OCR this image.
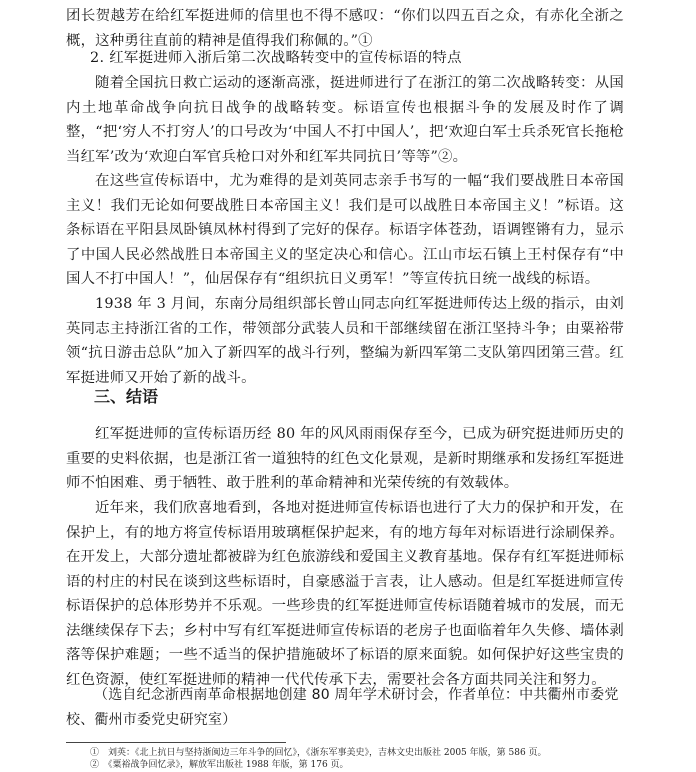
团长贺越芳在给红军挺进师的信里也不得不感叹：“你们以四五百之众，有赤化全浙之概，这种勇往直前的精神是值得我们称佩的。”①

2. 红军挺进师入浙后第二次战略转变中的宣传标语的特点

随着全国抗日救亡运动的逐渐高涨，挺进师进行了在浙江的第二次战略转变：从国内土地革命战争向抗日战争的战略转变。标语宣传也根据斗争的发展及时作了调整，“把‘穷人不打穷人’的口号改为‘中国人不打中国人’，把‘欢迎白军士兵杀死官长拖枪当红军’改为‘欢迎白军官兵枪口对外和红军共同抗日’等等”②。

在这些宣传标语中，尤为难得的是刘英同志亲手书写的一幅“我们要战胜日本帝国主义！我们无论如何要战胜日本帝国主义！我们是可以战胜日本帝国主义！”标语。这条标语在平阳县凤卧镇凤林村得到了完好的保存。标语字体苍劲，语调铿锵有力，显示了中国人民必然战胜日本帝国主义的坚定决心和信心。江山市坛石镇上王村保存有“中国人不打中国人！”，仙居保存有“组织抗日义勇军！”等宣传抗日统一战线的标语。

1938 年 3 月间，东南分局组织部长曾山同志向红军挺进师传达上级的指示，由刘英同志主持浙江省的工作，带领部分武装人员和干部继续留在浙江坚持斗争；由粟裕带领“抗日游击总队”加入了新四军的战斗行列，整编为新四军第二支队第四团第三营。红军挺进师又开始了新的战斗。

三、结语

红军挺进师的宣传标语历经 80 年的风风雨雨保存至今，已成为研究挺进师历史的重要的史料依据，也是浙江省一道独特的红色文化景观，是新时期继承和发扬红军挺进师不怕困难、勇于牺牲、敢于胜利的革命精神和光荣传统的有效载体。

近年来，我们欣喜地看到，各地对挺进师宣传标语也进行了大力的保护和开发，在保护上，有的地方将宣传标语用玻璃框保护起来，有的地方每年对标语进行涂刷保养。在开发上，大部分遗址都被辟为红色旅游线和爱国主义教育基地。保存有红军挺进师标语的村庄的村民在谈到这些标语时，自豪感溢于言表，让人感动。但是红军挺进师宣传标语保护的总体形势并不乐观。一些珍贵的红军挺进师宣传标语随着城市的发展，而无法继续保存下去；乡村中写有红军挺进师宣传标语的老房子也面临着年久失修、墙体剥落等保护难题；一些不适当的保护措施破坏了标语的原来面貌。如何保护好这些宝贵的红色资源，使红军挺进师的精神一代代传承下去，需要社会各方面共同关注和努力。

（选自纪念浙西南革命根据地创建 80 周年学术研讨会，作者单位：中共衢州市委党校、衢州市委党史研究室）

①　刘英：《北上抗日与坚持浙闽边三年斗争的回忆》，《浙东军事美史》，吉林文史出版社 2005 年版，第 586 页。

②　《粟裕战争回忆录》，解放军出版社 1988 年版，第 176 页。
